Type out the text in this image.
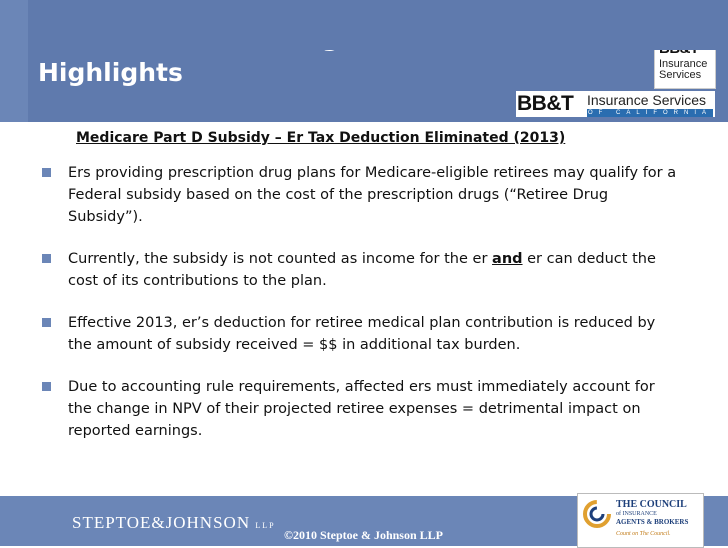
Highlights	Insurance
Services
BB&T Insurance Services
OF CALIFORNIA
Medicare Part D Subsidy – Er Tax Deduction Eliminated (2013)
Ers providing prescription drug plans for Medicare-eligible retirees may qualify for a Federal subsidy based on the cost of the prescription drugs (“Retiree Drug Subsidy”).
Currently, the subsidy is not counted as income for the er and er can deduct the cost of its contributions to the plan.
Effective 2013, er’s deduction for retiree medical plan contribution is reduced by the amount of subsidy received = $$ in additional tax burden.
Due to accounting rule requirements, affected ers must immediately account for the change in NPV of their projected retiree expenses = detrimental impact on reported earnings.
STEPTOE&JOHNSON LLP
©2010 Steptoe & Johnson LLP
THE COUNCIL
of INSURANCE
AGENTS & BROKERS
Count on The Council.
